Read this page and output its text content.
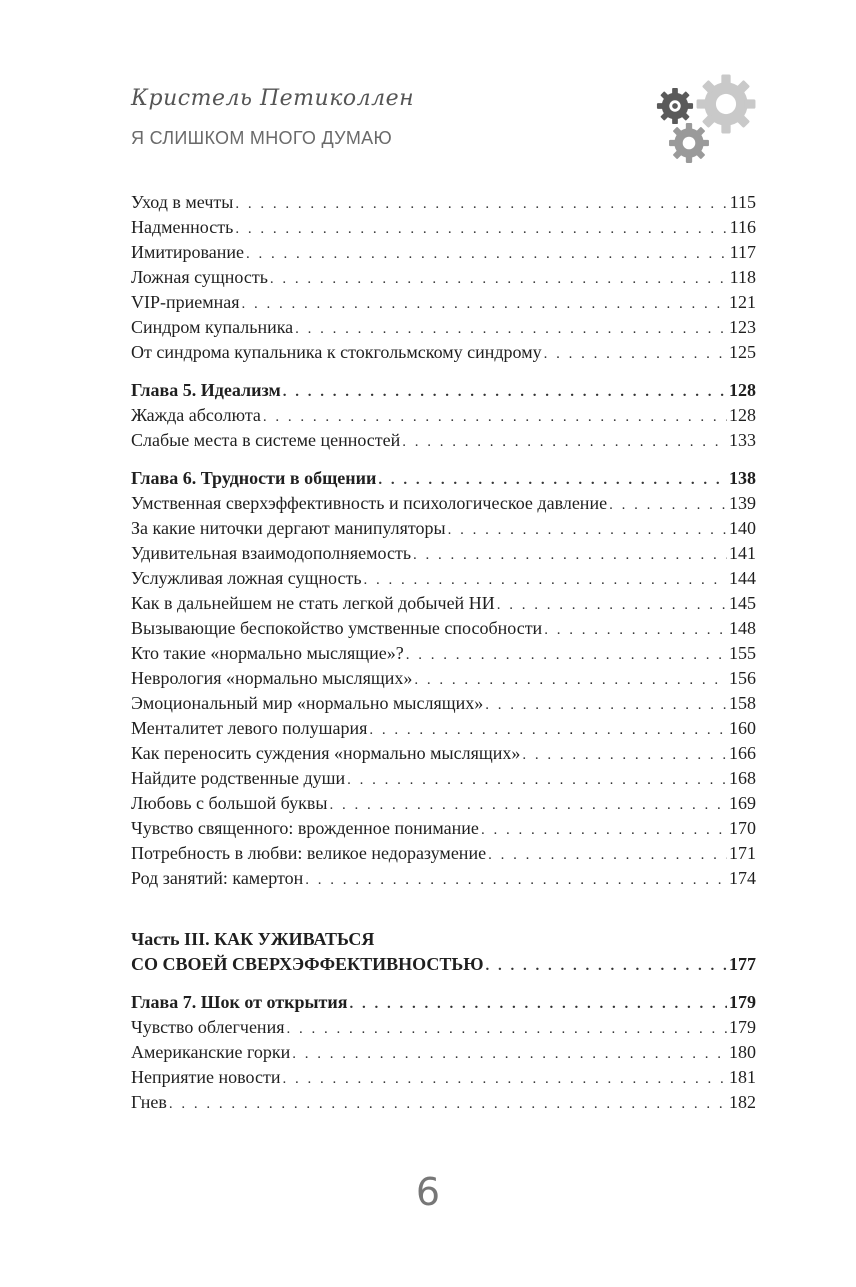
Кристель Петиколлен
Я СЛИШКОМ МНОГО ДУМАЮ
Уход в мечты . . .	115
Надменность . . .	116
Имитирование . . .	117
Ложная сущность . . .	118
VIP-приемная . . .	121
Синдром купальника . . .	123
От синдрома купальника к стокгольмскому синдрому . . .	125
Глава 5. Идеализм . . .	128
Жажда абсолюта . . .	128
Слабые места в системе ценностей . . .	133
Глава 6. Трудности в общении . . .	138
Умственная сверхэффективность и психологическое давление . . .	139
За какие ниточки дергают манипуляторы . . .	140
Удивительная взаимодополняемость . . .	141
Услужливая ложная сущность . . .	144
Как в дальнейшем не стать легкой добычей НИ . . .	145
Вызывающие беспокойство умственные способности . . .	148
Кто такие «нормально мыслящие»? . . .	155
Неврология «нормально мыслящих» . . .	156
Эмоциональный мир «нормально мыслящих» . . .	158
Менталитет левого полушария . . .	160
Как переносить суждения «нормально мыслящих» . . .	166
Найдите родственные души . . .	168
Любовь с большой буквы . . .	169
Чувство священного: врожденное понимание . . .	170
Потребность в любви: великое недоразумение . . .	171
Род занятий: камертон . . .	174
Часть III. КАК УЖИВАТЬСЯ
СО СВОЕЙ СВЕРХЭФФЕКТИВНОСТЬЮ . . .	177
Глава 7. Шок от открытия . . .	179
Чувство облегчения . . .	179
Американские горки . . .	180
Неприятие новости . . .	181
Гнев . . .	182
6
